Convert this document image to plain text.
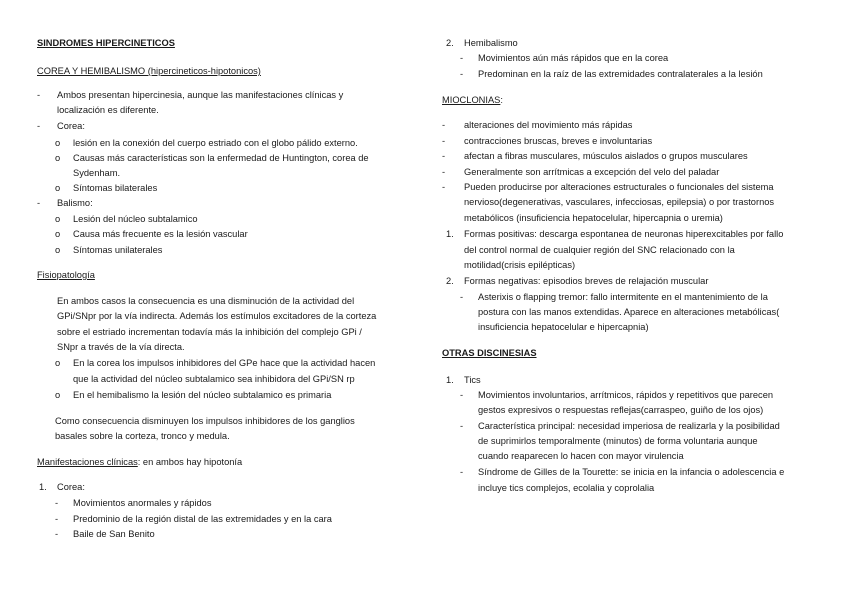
SINDROMES HIPERCINETICOS
COREA Y HEMIBALISMO (hipercineticos-hipotonicos)
- Ambos presentan hipercinesia, aunque las manifestaciones clínicas y
localización es diferente.
- Corea:
o lesión en la conexión del cuerpo estriado con el globo pálido externo.
o Causas más características son la enfermedad de Huntington, corea de
Sydenham.
o Síntomas bilaterales
- Balismo:
o Lesión del núcleo subtalamico
o Causa más frecuente es la lesión vascular
o Síntomas unilaterales
Fisiopatología
En ambos casos la consecuencia es una disminución de la actividad del
GPi/SNpr por la vía indirecta. Además los estímulos excitadores de la corteza
sobre el estriado incrementan todavía más la inhibición del complejo GPi /
SNpr a través de la vía directa.
o En la corea los impulsos inhibidores del GPe hace que la actividad hacen
que la actividad del núcleo subtalamico sea inhibidora del GPi/SN rp
o En el hemibalismo la lesión del núcleo subtalamico es primaria
Como consecuencia disminuyen los impulsos inhibidores de los ganglios
basales sobre la corteza, tronco y medula.
Manifestaciones clínicas: en ambos hay hipotonía
1. Corea:
- Movimientos anormales y rápidos
- Predominio de la región distal de las extremidades y en la cara
- Baile de San Benito
2. Hemibalismo
- Movimientos aún más rápidos que en la corea
- Predominan en la raíz de las extremidades contralaterales a la lesión
MIOCLONIAS:
- alteraciones del movimiento más rápidas
- contracciones bruscas, breves e involuntarias
- afectan a fibras musculares, músculos aislados o grupos musculares
- Generalmente son arrítmicas a excepción del velo del paladar
- Pueden producirse por alteraciones estructurales o funcionales del sistema
nervioso(degenerativas, vasculares, infecciosas, epilepsia) o por trastornos
metabólicos (insuficiencia hepatocelular, hipercapnia o uremia)
1. Formas positivas: descarga espontanea de neuronas hiperexcitables por fallo
del control normal de cualquier región del SNC relacionado con la
motilidad(crisis epilépticas)
2. Formas negativas: episodios breves de relajación muscular
- Asterixis o flapping tremor: fallo intermitente en el mantenimiento de la
postura con las manos extendidas. Aparece en alteraciones metabólicas(
insuficiencia hepatocelular e hipercapnia)
OTRAS DISCINESIAS
1. Tics
- Movimientos involuntarios, arrítmicos, rápidos y repetitivos que parecen
gestos expresivos o respuestas reflejas(carraspeo, guiño de los ojos)
- Característica principal: necesidad imperiosa de realizarla y la posibilidad
de suprimirlos temporalmente (minutos) de forma voluntaria aunque
cuando reaparecen lo hacen con mayor virulencia
- Síndrome de Gilles de la Tourette: se inicia en la infancia o adolescencia e
incluye tics complejos, ecolalia y coprolalia
